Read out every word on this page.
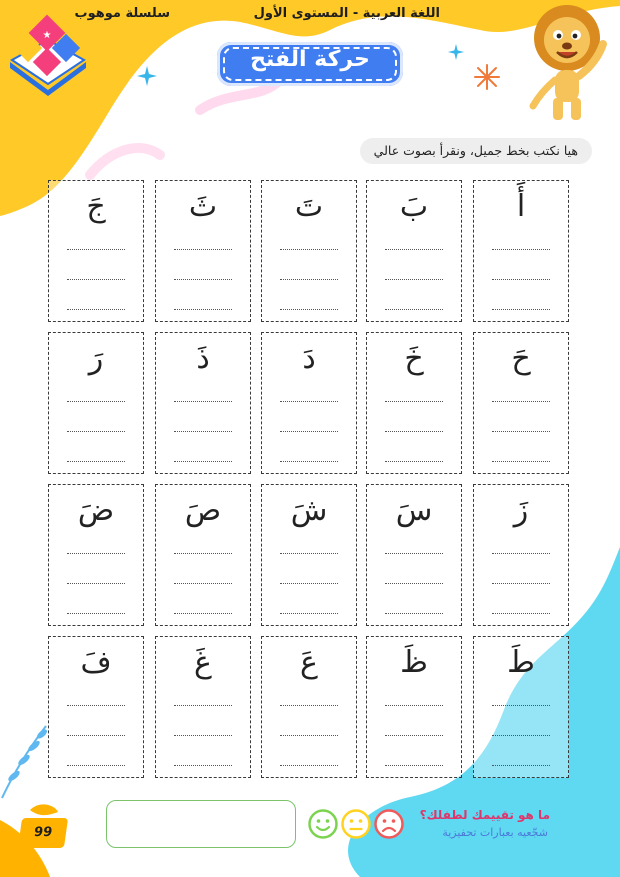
★
اللغة العربية - المستوى الأول
سلسلة موهوب
حركة الفتح
هيا نكتب بخط جميل، ونقرأ بصوت عالي
أَ
بَ
تَ
ثَ
جَ
حَ
خَ
دَ
ذَ
رَ
زَ
سَ
شَ
صَ
ضَ
طَ
ظَ
عَ
غَ
فَ
99
ما هو تقييمك لطفلك؟
شجّعيه بعبارات تحفيزية
